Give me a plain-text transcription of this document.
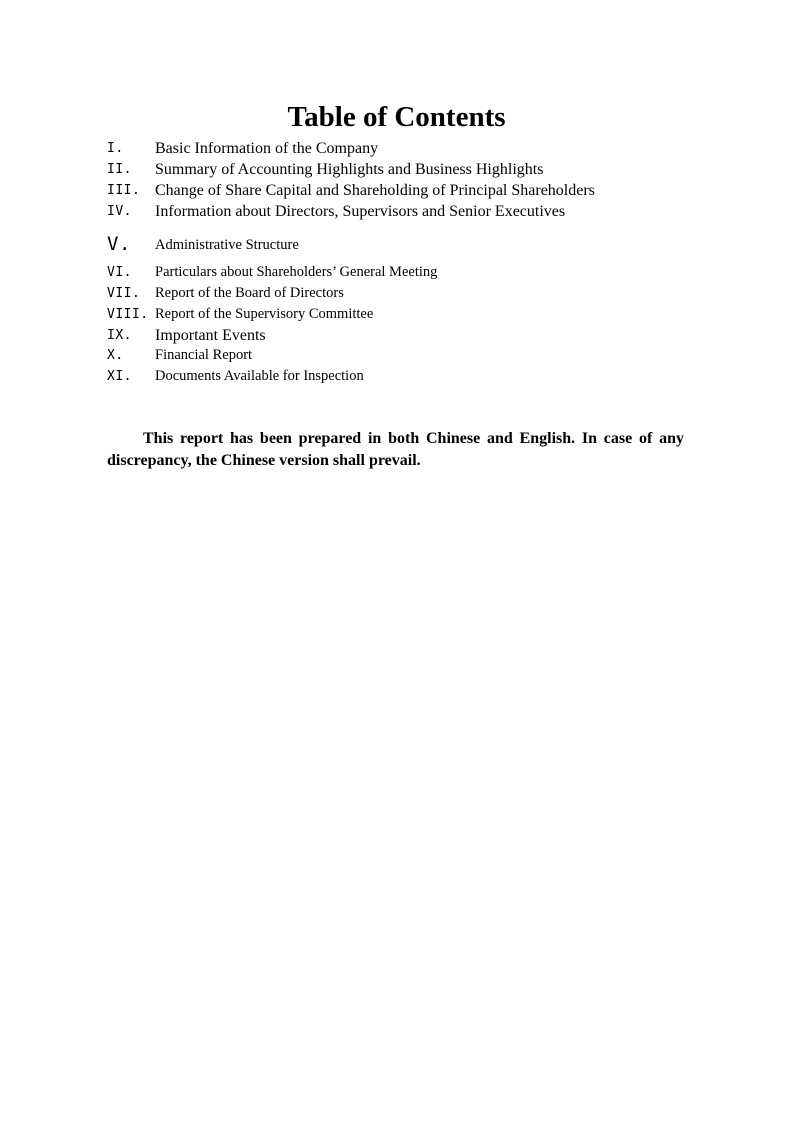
Table of Contents
I. Basic Information of the Company
II. Summary of Accounting Highlights and Business Highlights
III. Change of Share Capital and Shareholding of Principal Shareholders
IV. Information about Directors, Supervisors and Senior Executives
V. Administrative Structure
VI. Particulars about Shareholders’ General Meeting
VII. Report of the Board of Directors
VIII. Report of the Supervisory Committee
IX. Important Events
X. Financial Report
XI. Documents Available for Inspection
This report has been prepared in both Chinese and English. In case of any discrepancy, the Chinese version shall prevail.
